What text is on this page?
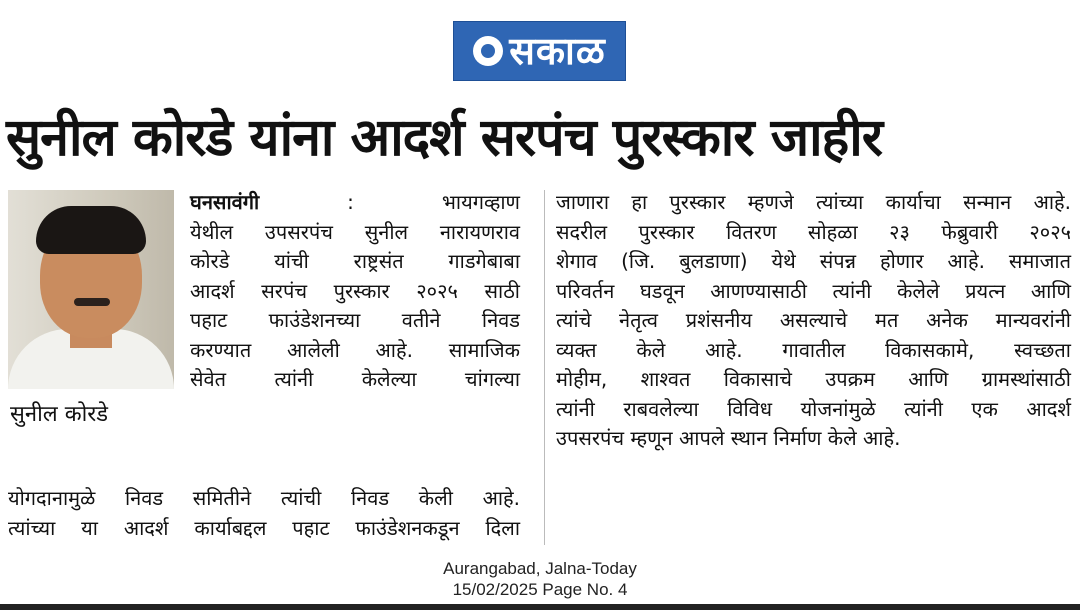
सकाळ
सुनील कोरडे यांना आदर्श सरपंच पुरस्कार जाहीर
सुनील कोरडे
घनसावंगी	: भायगव्हाण
येथील उपसरपंच सुनील नारायणराव
कोरडे यांची राष्ट्रसंत गाडगेबाबा
आदर्श सरपंच पुरस्कार २०२५ साठी
पहाट फाउंडेशनच्या वतीने निवड
करण्यात आलेली आहे. सामाजिक
सेवेत त्यांनी केलेल्या चांगल्या
योगदानामुळे निवड समितीने त्यांची निवड केली आहे.
त्यांच्या या आदर्श कार्याबद्दल पहाट फाउंडेशनकडून दिला
जाणारा हा पुरस्कार म्हणजे त्यांच्या कार्याचा सन्मान आहे.
सदरील पुरस्कार वितरण सोहळा २३ फेब्रुवारी २०२५
शेगाव (जि. बुलडाणा) येथे संपन्न होणार आहे. समाजात
परिवर्तन घडवून आणण्यासाठी त्यांनी केलेले प्रयत्न आणि
त्यांचे नेतृत्व प्रशंसनीय असल्याचे मत अनेक मान्यवरांनी
व्यक्त केले आहे. गावातील विकासकामे, स्वच्छता
मोहीम, शाश्वत विकासाचे उपक्रम आणि ग्रामस्थांसाठी
त्यांनी राबवलेल्या विविध योजनांमुळे त्यांनी एक आदर्श
उपसरपंच म्हणून आपले स्थान निर्माण केले आहे.
Aurangabad, Jalna-Today
15/02/2025 Page No. 4
